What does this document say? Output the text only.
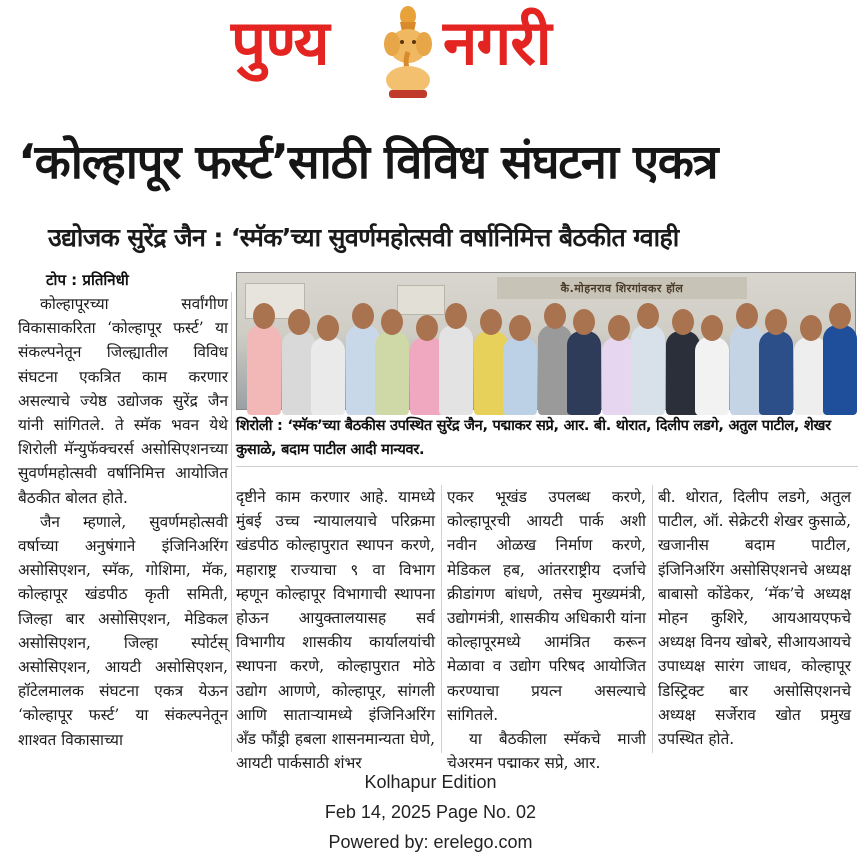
पुण्य नगरी
‘कोल्हापूर फर्स्ट’साठी विविध संघटना एकत्र
उद्योजक सुरेंद्र जैन : ‘स्मॅक’च्या सुवर्णमहोत्सवी वर्षानिमित्त बैठकीत ग्वाही
टोप : प्रतिनिधी

कोल्हापूरच्या सर्वांगीण विकासाकरिता ‘कोल्हापूर फर्स्ट’ या संकल्पनेतून जिल्ह्यातील विविध संघटना एकत्रित काम करणार असल्याचे ज्येष्ठ उद्योजक सुरेंद्र जैन यांनी सांगितले. ते स्मॅक भवन येथे शिरोली मॅन्युफॅक्चरर्स असोसिएशनच्या सुवर्णमहोत्सवी वर्षानिमित्त आयोजित बैठकीत बोलत होते.

जैन म्हणाले, सुवर्णमहोत्सवी वर्षाच्या अनुषंगाने इंजिनिअरिंग असोसिएशन, स्मॅक, गोशिमा, मॅक, कोल्हापूर खंडपीठ कृती समिती, जिल्हा बार असोसिएशन, मेडिकल असोसिएशन, जिल्हा स्पोर्टस् असोसिएशन, आयटी असोसिएशन, हॉटेलमालक संघटना एकत्र येऊन ‘कोल्हापूर फर्स्ट’ या संकल्पनेतून शाश्वत विकासाच्या

कै.मोहनराव शिरगांवकर हॉल
शिरोली : ‘स्मॅक’च्या बैठकीस उपस्थित सुरेंद्र जैन, पद्माकर सप्रे, आर. बी. थोरात, दिलीप लडगे, अतुल पाटील, शेखर कुसाळे, बदाम पाटील आदी मान्यवर.

दृष्टीने काम करणार आहे. यामध्ये मुंबई उच्च न्यायालयाचे परिक्रमा खंडपीठ कोल्हापुरात स्थापन करणे, महाराष्ट्र राज्याचा ९ वा विभाग म्हणून कोल्हापूर विभागाची स्थापना होऊन आयुक्तालयासह सर्व विभागीय शासकीय कार्यालयांची स्थापना करणे, कोल्हापुरात मोठे उद्योग आणणे, कोल्हापूर, सांगली आणि साताऱ्यामध्ये इंजिनिअरिंग अँड फौंड्री हबला शासनमान्यता घेणे, आयटी पार्कसाठी शंभर

एकर भूखंड उपलब्ध करणे, कोल्हापूरची आयटी पार्क अशी नवीन ओळख निर्माण करणे, मेडिकल हब, आंतरराष्ट्रीय दर्जाचे क्रीडांगण बांधणे, तसेच मुख्यमंत्री, उद्योगमंत्री, शासकीय अधिकारी यांना कोल्हापूरमध्ये आमंत्रित करून मेळावा व उद्योग परिषद आयोजित करण्याचा प्रयत्न असल्याचे सांगितले.

या बैठकीला स्मॅकचे माजी चेअरमन पद्माकर सप्रे, आर.

बी. थोरात, दिलीप लडगे, अतुल पाटील, ऑ. सेक्रेटरी शेखर कुसाळे, खजानीस बदाम पाटील, इंजिनिअरिंग असोसिएशनचे अध्यक्ष बाबासो कोंडेकर, ‘मॅक’चे अध्यक्ष मोहन कुशिरे, आयआयएफचे अध्यक्ष विनय खोबरे, सीआयआयचे उपाध्यक्ष सारंग जाधव, कोल्हापूर डिस्ट्रिक्ट बार असोसिएशनचे अध्यक्ष सर्जेराव खोत प्रमुख उपस्थित होते.

Kolhapur Edition
Feb 14, 2025 Page No. 02
Powered by: erelego.com
